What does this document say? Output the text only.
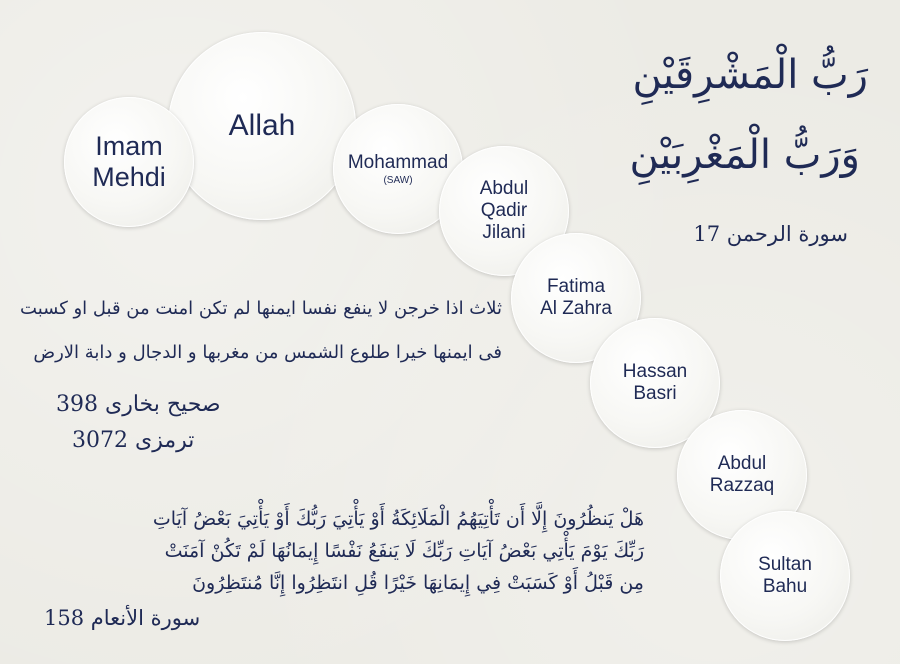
Allah
Imam
Mehdi	Mohammad
(SAW)	Abdul
Qadir
Jilani
Fatima
Al Zahra
Hassan
Basri
Abdul
Razzaq
Sultan
Bahu
رَبُّ الْمَشْرِقَيْنِ
وَرَبُّ الْمَغْرِبَيْنِ
سورة الرحمن 17
ثلاث اذا خرجن لا ينفع نفسا ايمنها لم تكن امنت من قبل او كسبت
فى ايمنها خيرا طلوع الشمس من مغربها و الدجال و دابة الارض
صحيح بخاری 398
ترمزی 3072
هَلْ يَنظُرُونَ إِلَّا أَن تَأْتِيَهُمُ الْمَلَائِكَةُ أَوْ يَأْتِيَ رَبُّكَ أَوْ يَأْتِيَ بَعْضُ آيَاتِ
رَبِّكَ يَوْمَ يَأْتِي بَعْضُ آيَاتِ رَبِّكَ لَا يَنفَعُ نَفْسًا إِيمَانُهَا لَمْ تَكُنْ آمَنَتْ
مِن قَبْلُ أَوْ كَسَبَتْ فِي إِيمَانِهَا خَيْرًا قُلِ انتَظِرُوا إِنَّا مُنتَظِرُونَ
سورة الأنعام 158
